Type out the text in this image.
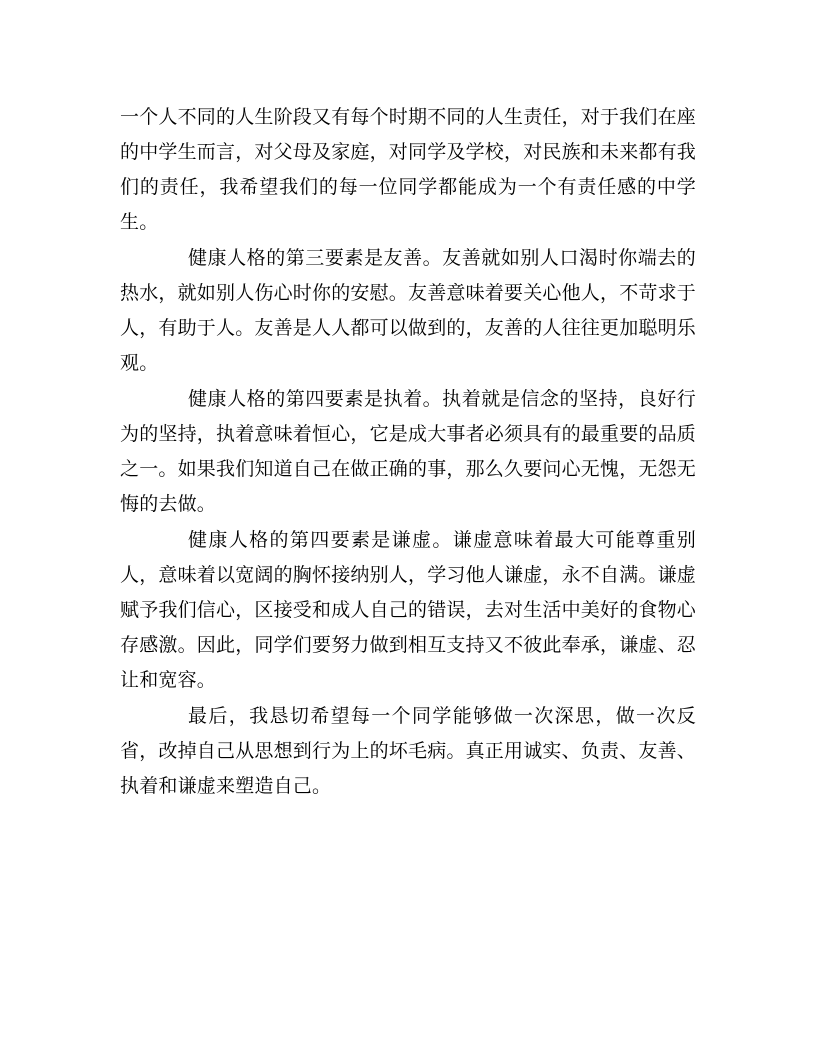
一个人不同的人生阶段又有每个时期不同的人生责任，对于我们在座的中学生而言，对父母及家庭，对同学及学校，对民族和未来都有我们的责任，我希望我们的每一位同学都能成为一个有责任感的中学生。

健康人格的第三要素是友善。友善就如别人口渴时你端去的热水，就如别人伤心时你的安慰。友善意味着要关心他人，不苛求于人，有助于人。友善是人人都可以做到的，友善的人往往更加聪明乐观。

健康人格的第四要素是执着。执着就是信念的坚持，良好行为的坚持，执着意味着恒心，它是成大事者必须具有的最重要的品质之一。如果我们知道自己在做正确的事，那么久要问心无愧，无怨无悔的去做。

健康人格的第四要素是谦虚。谦虚意味着最大可能尊重别人，意味着以宽阔的胸怀接纳别人，学习他人谦虚，永不自满。谦虚赋予我们信心，区接受和成人自己的错误，去对生活中美好的食物心存感激。因此，同学们要努力做到相互支持又不彼此奉承，谦虚、忍让和宽容。

最后，我恳切希望每一个同学能够做一次深思，做一次反省，改掉自己从思想到行为上的坏毛病。真正用诚实、负责、友善、执着和谦虚来塑造自己。
